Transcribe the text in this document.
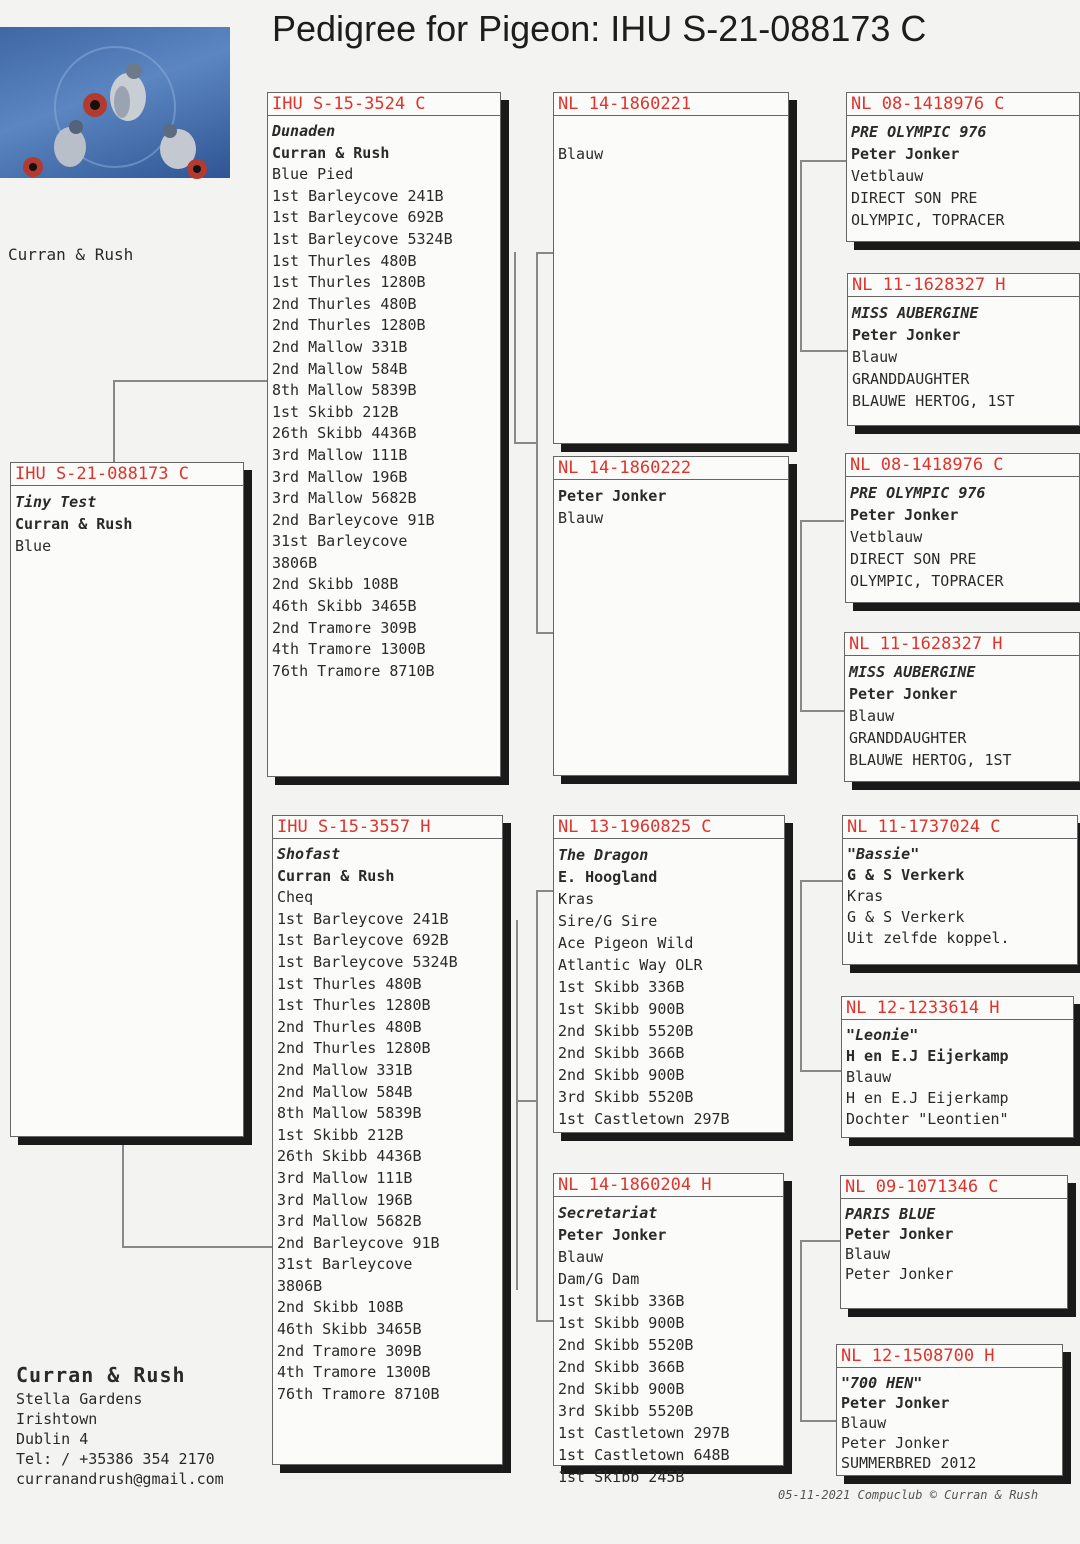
Pedigree for Pigeon: IHU S-21-088173 C
Curran & Rush
IHU S-21-088173 C
Tiny Test
Curran & Rush
Blue
IHU S-15-3524 C
Dunaden
Curran & Rush
Blue Pied
1st Barleycove 241B
1st Barleycove 692B
1st Barleycove 5324B
1st Thurles 480B
1st Thurles 1280B
2nd Thurles 480B
2nd Thurles 1280B
2nd Mallow 331B
2nd Mallow 584B
8th Mallow 5839B
1st Skibb 212B
26th Skibb 4436B
3rd Mallow 111B
3rd Mallow 196B
3rd Mallow 5682B
2nd Barleycove 91B
31st Barleycove
3806B
2nd Skibb 108B
46th Skibb 3465B
2nd Tramore 309B
4th Tramore 1300B
76th Tramore 8710B
IHU S-15-3557 H
Shofast
Curran & Rush
Cheq
1st Barleycove 241B
1st Barleycove 692B
1st Barleycove 5324B
1st Thurles 480B
1st Thurles 1280B
2nd Thurles 480B
2nd Thurles 1280B
2nd Mallow 331B
2nd Mallow 584B
8th Mallow 5839B
1st Skibb 212B
26th Skibb 4436B
3rd Mallow 111B
3rd Mallow 196B
3rd Mallow 5682B
2nd Barleycove 91B
31st Barleycove
3806B
2nd Skibb 108B
46th Skibb 3465B
2nd Tramore 309B
4th Tramore 1300B
76th Tramore 8710B
NL 14-1860221

Blauw
NL 14-1860222
Peter Jonker
Blauw
NL 13-1960825 C
The Dragon
E. Hoogland
Kras
Sire/G Sire
Ace Pigeon Wild
Atlantic Way OLR
1st Skibb 336B
1st Skibb 900B
2nd Skibb 5520B
2nd Skibb 366B
2nd Skibb 900B
3rd Skibb 5520B
1st Castletown 297B
NL 14-1860204 H
Secretariat
Peter Jonker
Blauw
Dam/G Dam
1st Skibb 336B
1st Skibb 900B
2nd Skibb 5520B
2nd Skibb 366B
2nd Skibb 900B
3rd Skibb 5520B
1st Castletown 297B
1st Castletown 648B
1st Skibb 245B
NL 08-1418976 C
PRE OLYMPIC 976
Peter Jonker
Vetblauw
DIRECT SON PRE
OLYMPIC, TOPRACER
NL 11-1628327 H
MISS AUBERGINE
Peter Jonker
Blauw
GRANDDAUGHTER
BLAUWE HERTOG, 1ST
NL 08-1418976 C
PRE OLYMPIC 976
Peter Jonker
Vetblauw
DIRECT SON PRE
OLYMPIC, TOPRACER
NL 11-1628327 H
MISS AUBERGINE
Peter Jonker
Blauw
GRANDDAUGHTER
BLAUWE HERTOG, 1ST
NL 11-1737024 C
"Bassie"
G & S Verkerk
Kras
G & S Verkerk
Uit zelfde koppel.
NL 12-1233614 H
"Leonie"
H en E.J Eijerkamp
Blauw
H en E.J Eijerkamp
Dochter "Leontien"
NL 09-1071346 C
PARIS BLUE
Peter Jonker
Blauw
Peter Jonker
NL 12-1508700 H
"700 HEN"
Peter Jonker
Blauw
Peter Jonker
SUMMERBRED 2012
Curran & Rush
Stella Gardens
Irishtown
Dublin 4
Tel: / +35386 354 2170
curranandrush@gmail.com
05-11-2021 Compuclub © Curran & Rush
